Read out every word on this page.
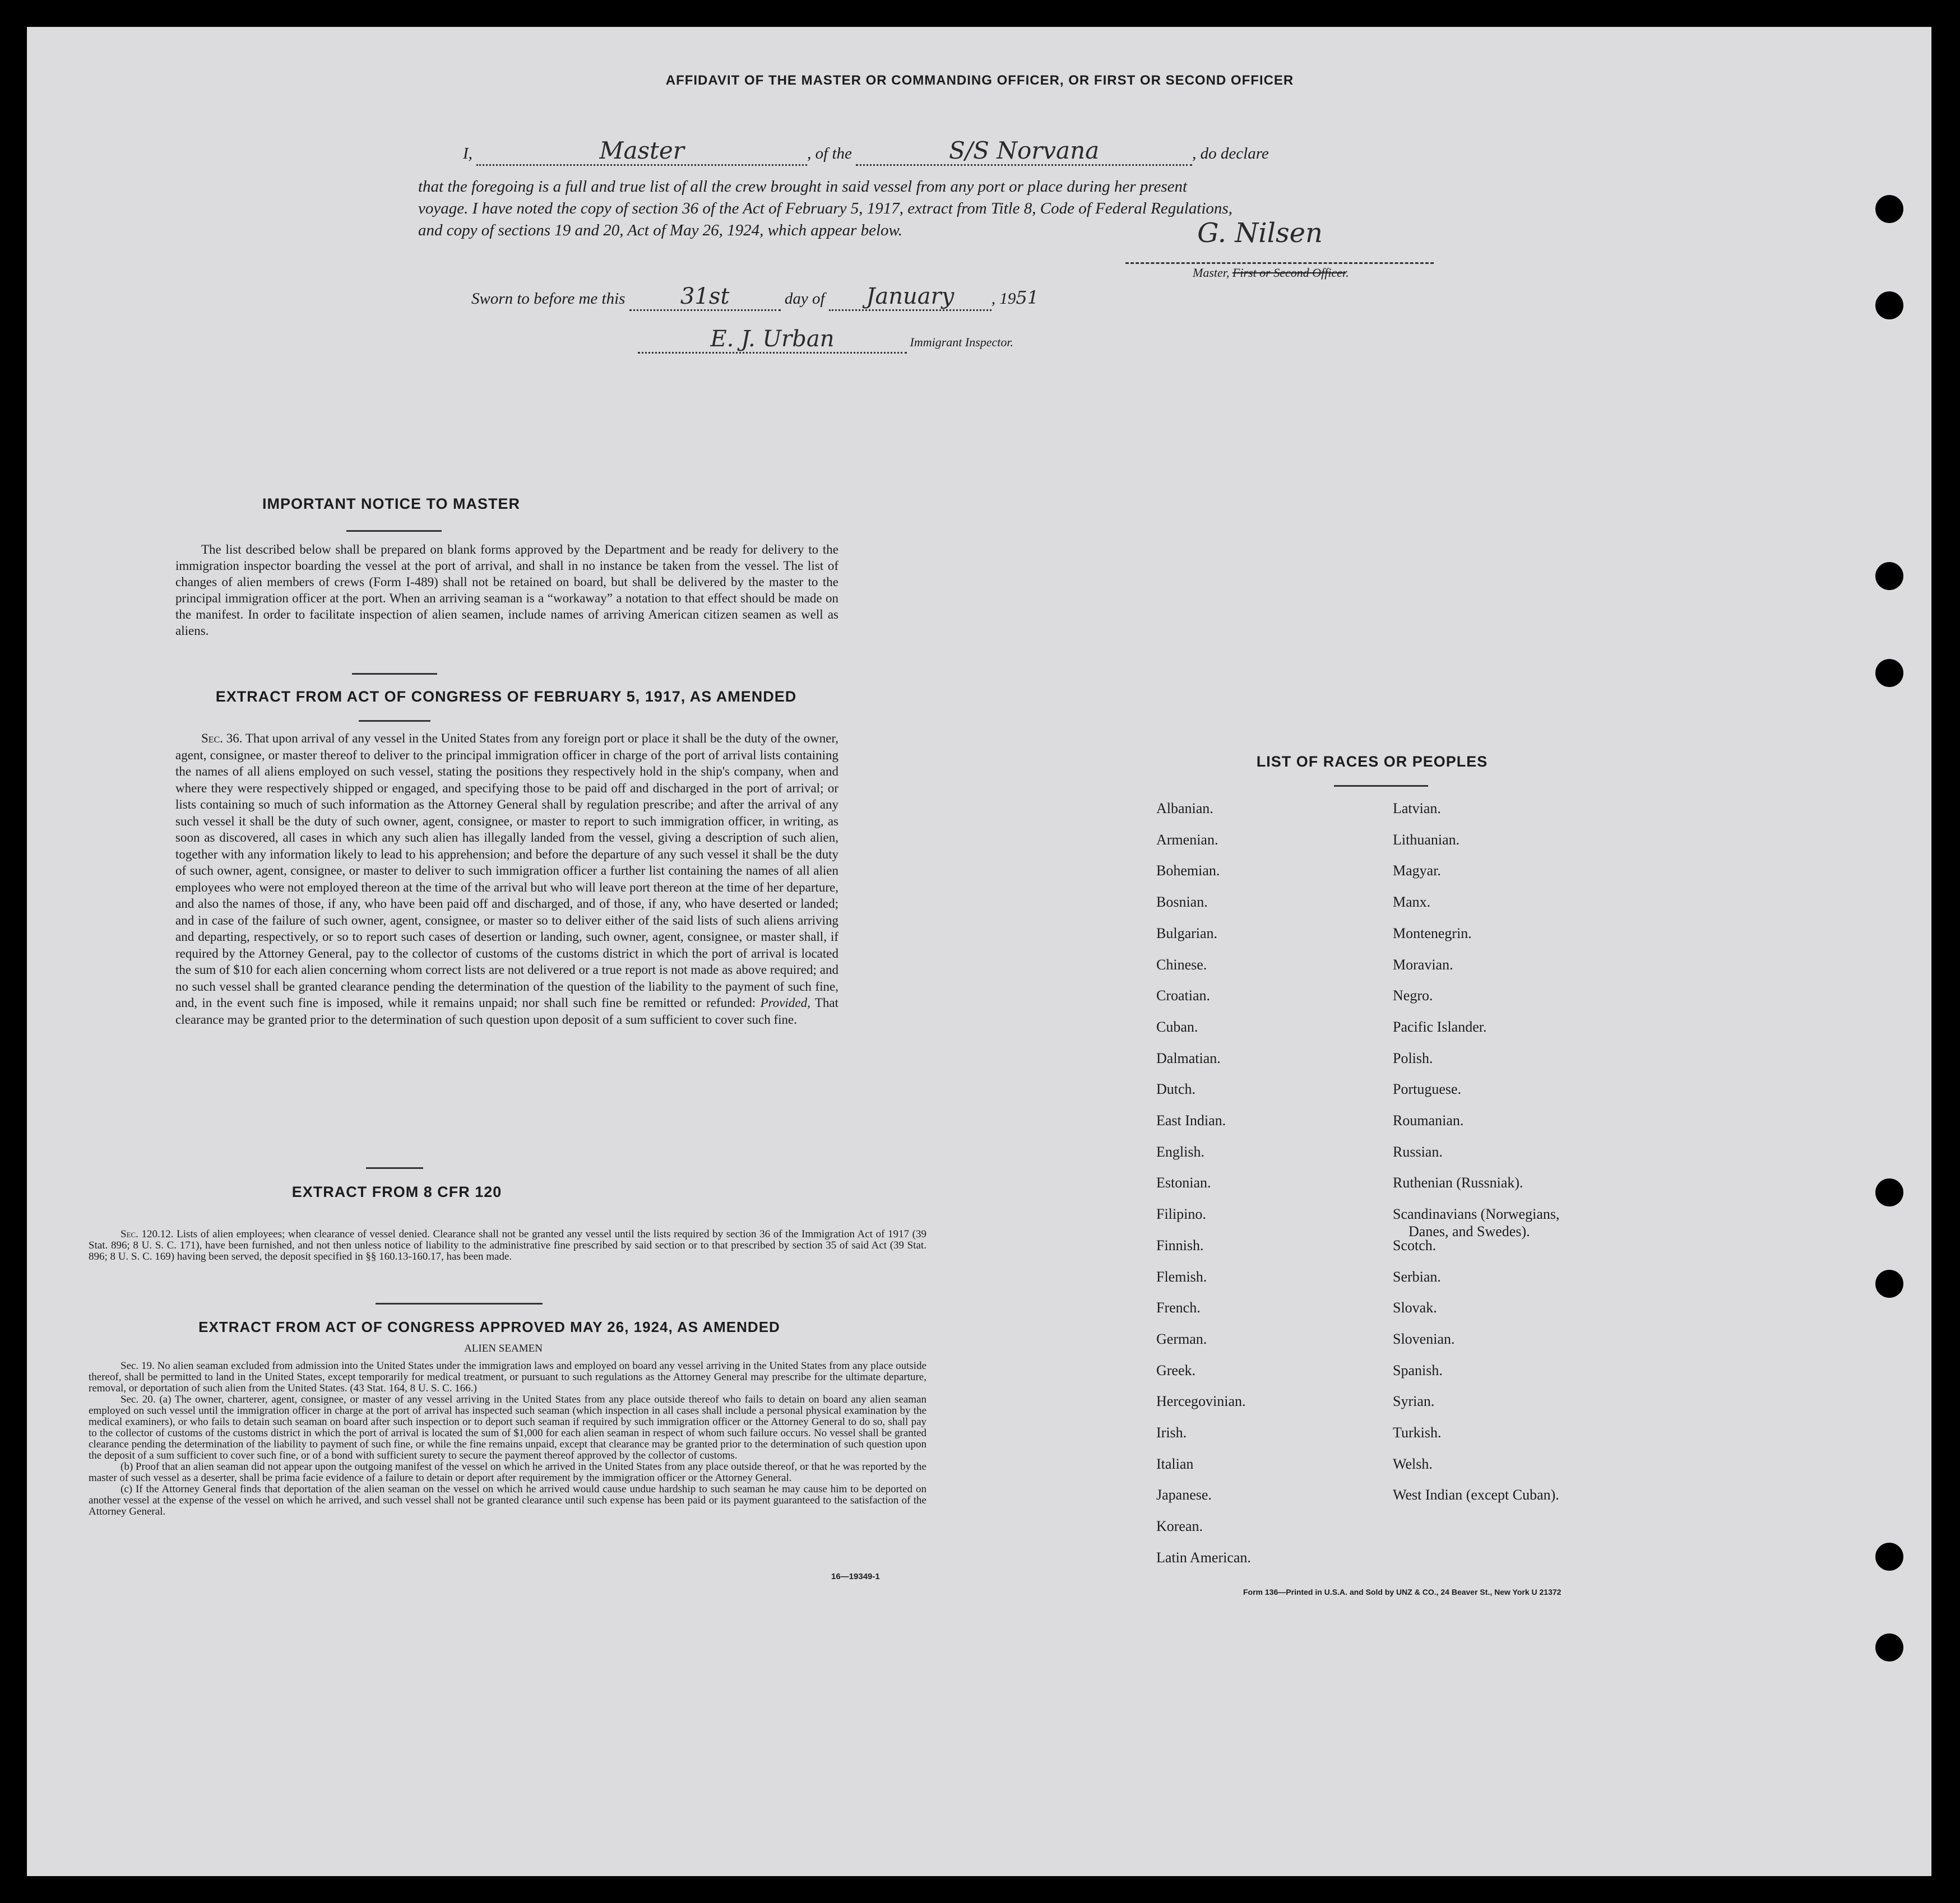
AFFIDAVIT OF THE MASTER OR COMMANDING OFFICER, OR FIRST OR SECOND OFFICER
I,	Master	, of the	S/S Norvana	, do declare
that the foregoing is a full and true list of all the crew brought in said vessel from any port or place during her present
voyage. I have noted the copy of section 36 of the Act of February 5, 1917, extract from Title 8, Code of Federal Regulations,
and copy of sections 19 and 20, Act of May 26, 1924, which appear below.	G. Nilsen
Master, First or Second Officer.
Sworn to before me this 31st	day of January , 1951
E. J. Urban	Immigrant Inspector.
IMPORTANT NOTICE TO MASTER
The list described below shall be prepared on blank forms approved by the Department and be ready for delivery to the immigration inspector boarding the vessel at the port of arrival, and shall in no instance be taken from the vessel. The list of changes of alien members of crews (Form I-489) shall not be retained on board, but shall be delivered by the master to the principal immigration officer at the port. When an arriving seaman is a “workaway” a notation to that effect should be made on the manifest. In order to facilitate inspection of alien seamen, include names of arriving American citizen seamen as well as aliens.
EXTRACT FROM ACT OF CONGRESS OF FEBRUARY 5, 1917, AS AMENDED
Sec. 36. That upon arrival of any vessel in the United States from any foreign port or place it shall be the duty of the owner, agent, consignee, or master thereof to deliver to the principal immigration officer in charge of the port of arrival lists containing the names of all aliens employed on such vessel, stating the positions they respectively hold in the ship's company, when and where they were respectively shipped or engaged, and specifying those to be paid off and discharged in the port of arrival; or lists containing so much of such information as the Attorney General shall by regulation prescribe; and after the arrival of any such vessel it shall be the duty of such owner, agent, consignee, or master to report to such immigration officer, in writing, as soon as discovered, all cases in which any such alien has illegally landed from the vessel, giving a description of such alien, together with any information likely to lead to his apprehension; and before the departure of any such vessel it shall be the duty of such owner, agent, consignee, or master to deliver to such immigration officer a further list containing the names of all alien employees who were not employed thereon at the time of the arrival but who will leave port thereon at the time of her departure, and also the names of those, if any, who have been paid off and discharged, and of those, if any, who have deserted or landed; and in case of the failure of such owner, agent, consignee, or master so to deliver either of the said lists of such aliens arriving and departing, respectively, or so to report such cases of desertion or landing, such owner, agent, consignee, or master shall, if required by the Attorney General, pay to the collector of customs of the customs district in which the port of arrival is located the sum of $10 for each alien concerning whom correct lists are not delivered or a true report is not made as above required; and no such vessel shall be granted clearance pending the determination of the question of the liability to the payment of such fine, and, in the event such fine is imposed, while it remains unpaid; nor shall such fine be remitted or refunded: Provided, That clearance may be granted prior to the determination of such question upon deposit of a sum sufficient to cover such fine.
EXTRACT FROM 8 CFR 120
Sec. 120.12. Lists of alien employees; when clearance of vessel denied. Clearance shall not be granted any vessel until the lists required by section 36 of the Immigration Act of 1917 (39 Stat. 896; 8 U. S. C. 171), have been furnished, and not then unless notice of liability to the administrative fine prescribed by said section or to that prescribed by section 35 of said Act (39 Stat. 896; 8 U. S. C. 169) having been served, the deposit specified in §§ 160.13-160.17, has been made.
EXTRACT FROM ACT OF CONGRESS APPROVED MAY 26, 1924, AS AMENDED
ALIEN SEAMEN
Sec. 19. No alien seaman excluded from admission into the United States under the immigration laws and employed on board any vessel arriving in the United States from any place outside thereof, shall be permitted to land in the United States, except temporarily for medical treatment, or pursuant to such regulations as the Attorney General may prescribe for the ultimate departure, removal, or deportation of such alien from the United States. (43 Stat. 164, 8 U. S. C. 166.)
Sec. 20. (a) The owner, charterer, agent, consignee, or master of any vessel arriving in the United States from any place outside thereof who fails to detain on board any alien seaman employed on such vessel until the immigration officer in charge at the port of arrival has inspected such seaman (which inspection in all cases shall include a personal physical examination by the medical examiners), or who fails to detain such seaman on board after such inspection or to deport such seaman if required by such immigration officer or the Attorney General to do so, shall pay to the collector of customs of the customs district in which the port of arrival is located the sum of $1,000 for each alien seaman in respect of whom such failure occurs. No vessel shall be granted clearance pending the determination of the liability to payment of such fine, or while the fine remains unpaid, except that clearance may be granted prior to the determination of such question upon the deposit of a sum sufficient to cover such fine, or of a bond with sufficient surety to secure the payment thereof approved by the collector of customs.
(b) Proof that an alien seaman did not appear upon the outgoing manifest of the vessel on which he arrived in the United States from any place outside thereof, or that he was reported by the master of such vessel as a deserter, shall be prima facie evidence of a failure to detain or deport after requirement by the immigration officer or the Attorney General.
(c) If the Attorney General finds that deportation of the alien seaman on the vessel on which he arrived would cause undue hardship to such seaman he may cause him to be deported on another vessel at the expense of the vessel on which he arrived, and such vessel shall not be granted clearance until such expense has been paid or its payment guaranteed to the satisfaction of the Attorney General.
16—19349-1
LIST OF RACES OR PEOPLES
Albanian.
Armenian.
Bohemian.
Bosnian.
Bulgarian.
Chinese.
Croatian.
Cuban.
Dalmatian.
Dutch.
East Indian.
English.
Estonian.
Filipino.
Finnish.
Flemish.
French.
German.
Greek.
Hercegovinian.
Irish.
Italian
Japanese.
Korean.
Latin American.
Latvian.
Lithuanian.
Magyar.
Manx.
Montenegrin.
Moravian.
Negro.
Pacific Islander.
Polish.
Portuguese.
Roumanian.
Russian.
Ruthenian (Russniak).
Scandinavians (Norwegians,
Danes, and Swedes).
Scotch.
Serbian.
Slovak.
Slovenian.
Spanish.
Syrian.
Turkish.
Welsh.
West Indian (except Cuban).
Form 136—Printed in U.S.A. and Sold by UNZ & CO., 24 Beaver St., New York U 21372
